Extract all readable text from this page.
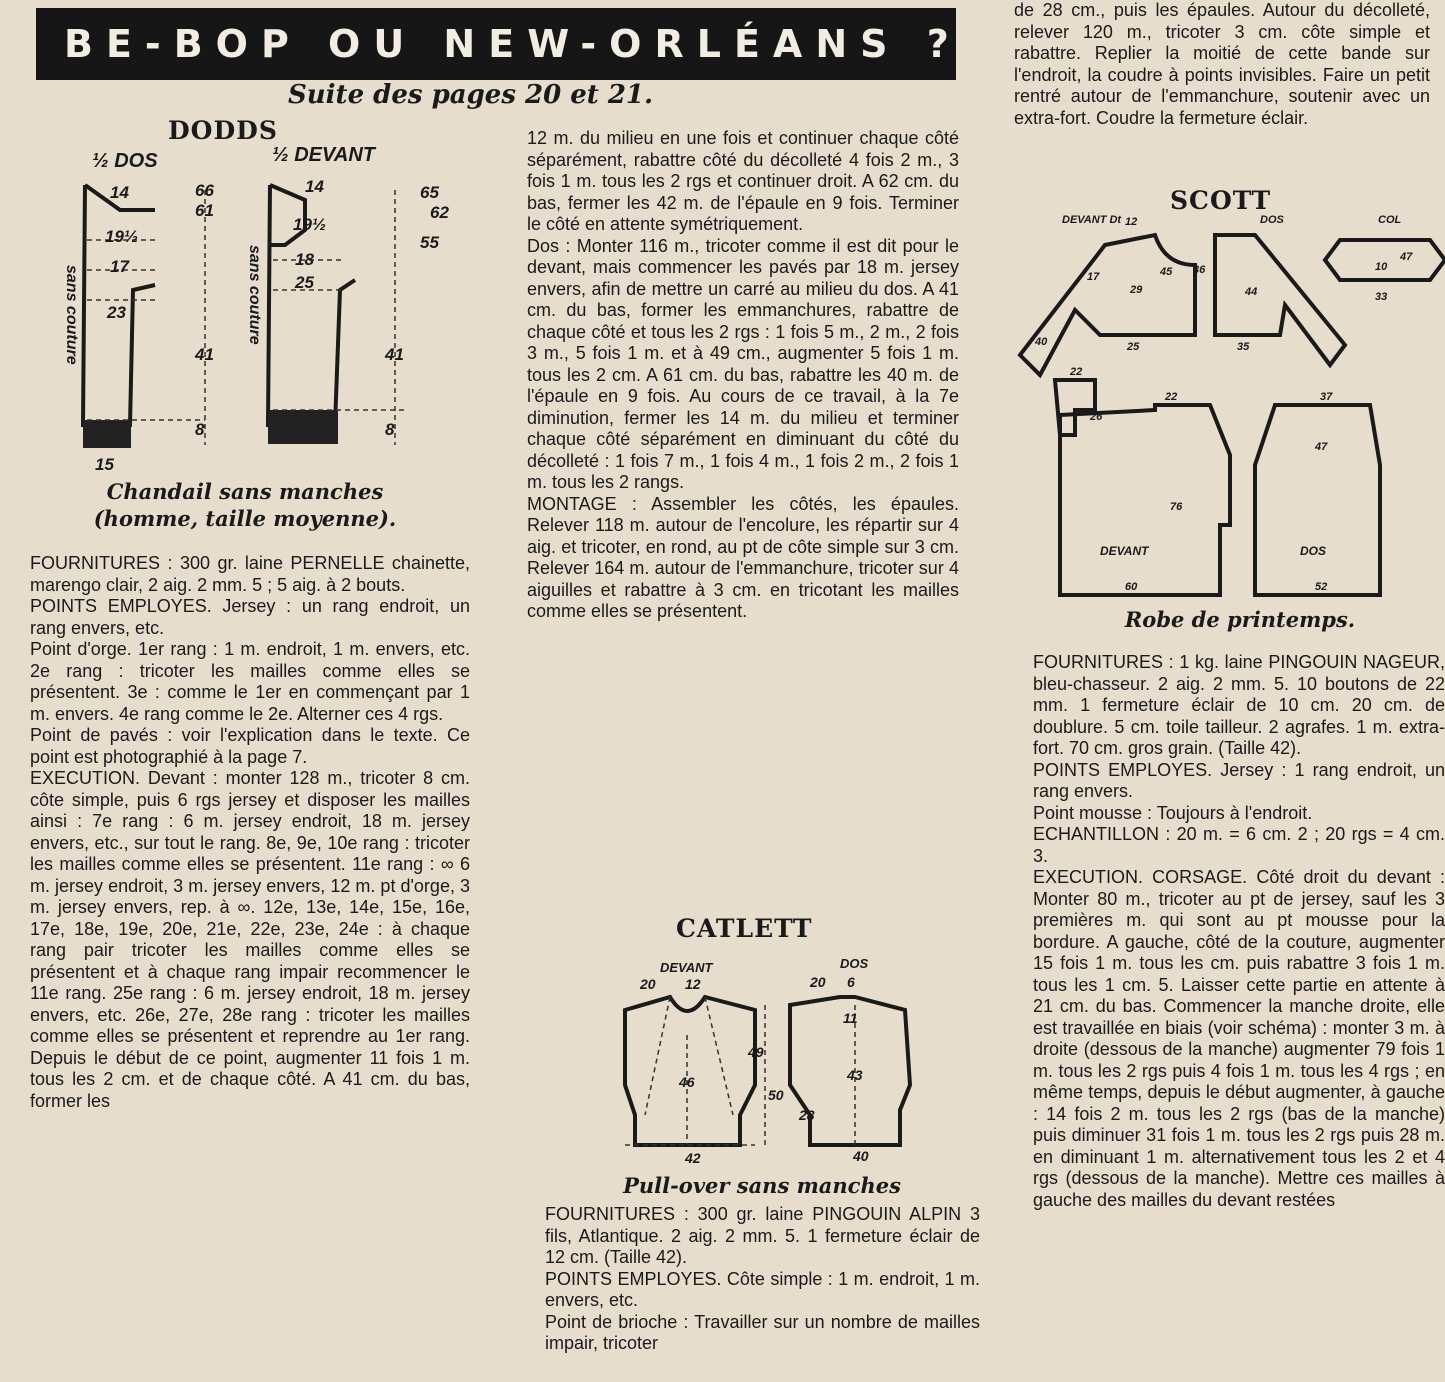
BE-BOP OU NEW-ORLÉANS ?
Suite des pages 20 et 21.
DODDS
½ DOS	½ DEVANT
14	66
61
19½
17
23
41
8
15
14	65
62
19½
55
18
25
41
8
sans couture	sans couture
Chandail sans manches
(homme, taille moyenne).

FOURNITURES : 300 gr. laine PERNELLE chainette, marengo clair, 2 aig. 2 mm. 5 ; 5 aig. à 2 bouts.

POINTS EMPLOYES. Jersey : un rang endroit, un rang envers, etc.

Point d'orge. 1er rang : 1 m. endroit, 1 m. envers, etc. 2e rang : tricoter les mailles comme elles se présentent. 3e : comme le 1er en commençant par 1 m. envers. 4e rang comme le 2e. Alterner ces 4 rgs.

Point de pavés : voir l'explication dans le texte. Ce point est photographié à la page 7.

EXECUTION. Devant : monter 128 m., tricoter 8 cm. côte simple, puis 6 rgs jersey et disposer les mailles ainsi : 7e rang : 6 m. jersey endroit, 18 m. jersey envers, etc., sur tout le rang. 8e, 9e, 10e rang : tricoter les mailles comme elles se présentent. 11e rang : ∞ 6 m. jersey endroit, 3 m. jersey envers, 12 m. pt d'orge, 3 m. jersey envers, rep. à ∞. 12e, 13e, 14e, 15e, 16e, 17e, 18e, 19e, 20e, 21e, 22e, 23e, 24e : à chaque rang pair tricoter les mailles comme elles se présentent et à chaque rang impair recommencer le 11e rang. 25e rang : 6 m. jersey endroit, 18 m. jersey envers, etc. 26e, 27e, 28e rang : tricoter les mailles comme elles se présentent et reprendre au 1er rang. Depuis le début de ce point, augmenter 11 fois 1 m. tous les 2 cm. et de chaque côté. A 41 cm. du bas, former les

12 m. du milieu en une fois et continuer chaque côté séparément, rabattre côté du décolleté 4 fois 2 m., 3 fois 1 m. tous les 2 rgs et continuer droit. A 62 cm. du bas, fermer les 42 m. de l'épaule en 9 fois. Terminer le côté en attente symétriquement.

Dos : Monter 116 m., tricoter comme il est dit pour le devant, mais commencer les pavés par 18 m. jersey envers, afin de mettre un carré au milieu du dos. A 41 cm. du bas, former les emmanchures, rabattre de chaque côté et tous les 2 rgs : 1 fois 5 m., 2 m., 2 fois 3 m., 5 fois 1 m. et à 49 cm., augmenter 5 fois 1 m. tous les 2 cm. A 61 cm. du bas, rabattre les 40 m. de l'épaule en 9 fois. Au cours de ce travail, à la 7e diminution, fermer les 14 m. du milieu et terminer chaque côté séparément en diminuant du côté du décolleté : 1 fois 7 m., 1 fois 4 m., 1 fois 2 m., 2 fois 1 m. tous les 2 rangs.

MONTAGE : Assembler les côtés, les épaules. Relever 118 m. autour de l'encolure, les répartir sur 4 aig. et tricoter, en rond, au pt de côte simple sur 3 cm. Relever 164 m. autour de l'emmanchure, tricoter sur 4 aiguilles et rabattre à 3 cm. en tricotant les mailles comme elles se présentent.

CATLETT
DEVANT	DOS
20 12	20 6
49
50
46
11
43
28
42	40
Pull-over sans manches

FOURNITURES : 300 gr. laine PINGOUIN ALPIN 3 fils, Atlantique. 2 aig. 2 mm. 5. 1 fermeture éclair de 12 cm. (Taille 42).

POINTS EMPLOYES. Côte simple : 1 m. endroit, 1 m. envers, etc.

Point de brioche : Travailler sur un nombre de mailles impair, tricoter

de 28 cm., puis les épaules. Autour du décolleté, relever 120 m., tricoter 3 cm. côte simple et rabattre. Replier la moitié de cette bande sur l'endroit, la coudre à points invisibles. Faire un petit rentré autour de l'emmanchure, soutenir avec un extra-fort. Coudre la fermeture éclair.

SCOTT
DEVANT Dt	DOS	COL
12
17
29
45 36
40
44
25	35
47
10
33
22
26
22	37
47
76
60	52
DEVANT	DOS
Robe de printemps.

FOURNITURES : 1 kg. laine PINGOUIN NAGEUR, bleu-chasseur. 2 aig. 2 mm. 5. 10 boutons de 22 mm. 1 fermeture éclair de 10 cm. 20 cm. de doublure. 5 cm. toile tailleur. 2 agrafes. 1 m. extra-fort. 70 cm. gros grain. (Taille 42).

POINTS EMPLOYES. Jersey : 1 rang endroit, un rang envers.

Point mousse : Toujours à l'endroit.

ECHANTILLON : 20 m. = 6 cm. 2 ; 20 rgs = 4 cm. 3.

EXECUTION. CORSAGE. Côté droit du devant : Monter 80 m., tricoter au pt de jersey, sauf les 3 premières m. qui sont au pt mousse pour la bordure. A gauche, côté de la couture, augmenter 15 fois 1 m. tous les cm. puis rabattre 3 fois 1 m. tous les 1 cm. 5. Laisser cette partie en attente à 21 cm. du bas. Commencer la manche droite, elle est travaillée en biais (voir schéma) : monter 3 m. à droite (dessous de la manche) augmenter 79 fois 1 m. tous les 2 rgs puis 4 fois 1 m. tous les 4 rgs ; en même temps, depuis le début augmenter, à gauche : 14 fois 2 m. tous les 2 rgs (bas de la manche) puis diminuer 31 fois 1 m. tous les 2 rgs puis 28 m. en diminuant 1 m. alternativement tous les 2 et 4 rgs (dessous de la manche). Mettre ces mailles à gauche des mailles du devant restées
